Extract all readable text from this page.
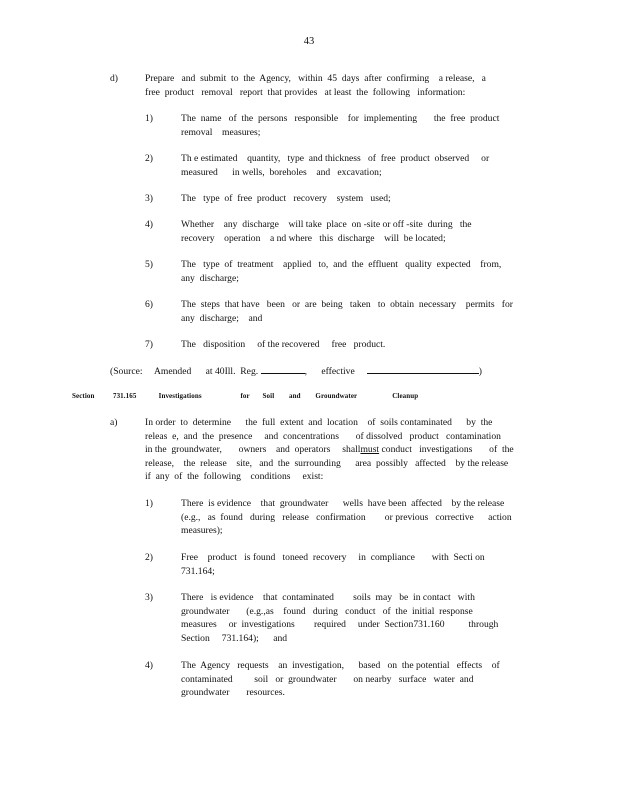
43
d)	Prepare   and  submit  to  the  Agency,   within  45  days  after  confirming    a release,   a
free  product   removal   report  that provides   at least  the  following   information:
1)	The  name   of  the  persons   responsible    for  implementing       the  free  product
removal    measures;
2)	Th e estimated    quantity,   type  and thickness   of  free  product  observed     or
measured      in wells,  boreholes    and   excavation;
3)	The   type  of  free  product   recovery    system   used;
4)	Whether    any  discharge    will take  place  on -site or off -site  during   the
recovery    operation    a nd where   this  discharge    will  be located;
5)	The   type  of  treatment    applied   to,  and  the  effluent   quality  expected    from,
any  discharge;
6)	The  steps  that have   been   or  are  being   taken   to  obtain  necessary    permits   for
any  discharge;    and
7)	The   disposition     of the recovered     free   product.
(Source:     Amended      at 40Ill.  Reg.	, effective	)
Section          731.165            Investigations                     for       Soil        and        Groundwater                   Cleanup
a)	In order  to  determine      the  full  extent  and  location    of  soils contaminated      by  the
releas  e,  and  the  presence     and  concentrations       of dissolved   product   contamination
in the  groundwater,       owners    and  operators     shallmust conduct   investigations       of  the
release,    the  release    site,   and  the  surrounding      area  possibly   affected    by the release
if  any  of  the  following    conditions     exist:
1)	There  is evidence    that  groundwater      wells  have been  affected    by the release
(e.g.,   as  found   during   release   confirmation        or previous   corrective      action
measures);
2)	Free    product   is found   toneed  recovery     in  compliance       with  Secti on
731.164;
3)	There   is evidence    that  contaminated        soils  may   be  in contact   with
groundwater       (e.g.,as    found   during   conduct   of  the  initial  response
measures     or  investigations        required     under  Section731.160          through
Section     731.164);      and
4)	The  Agency   requests    an  investigation,      based   on  the potential   effects    of
contaminated         soil   or  groundwater       on nearby   surface   water  and
groundwater       resources.
